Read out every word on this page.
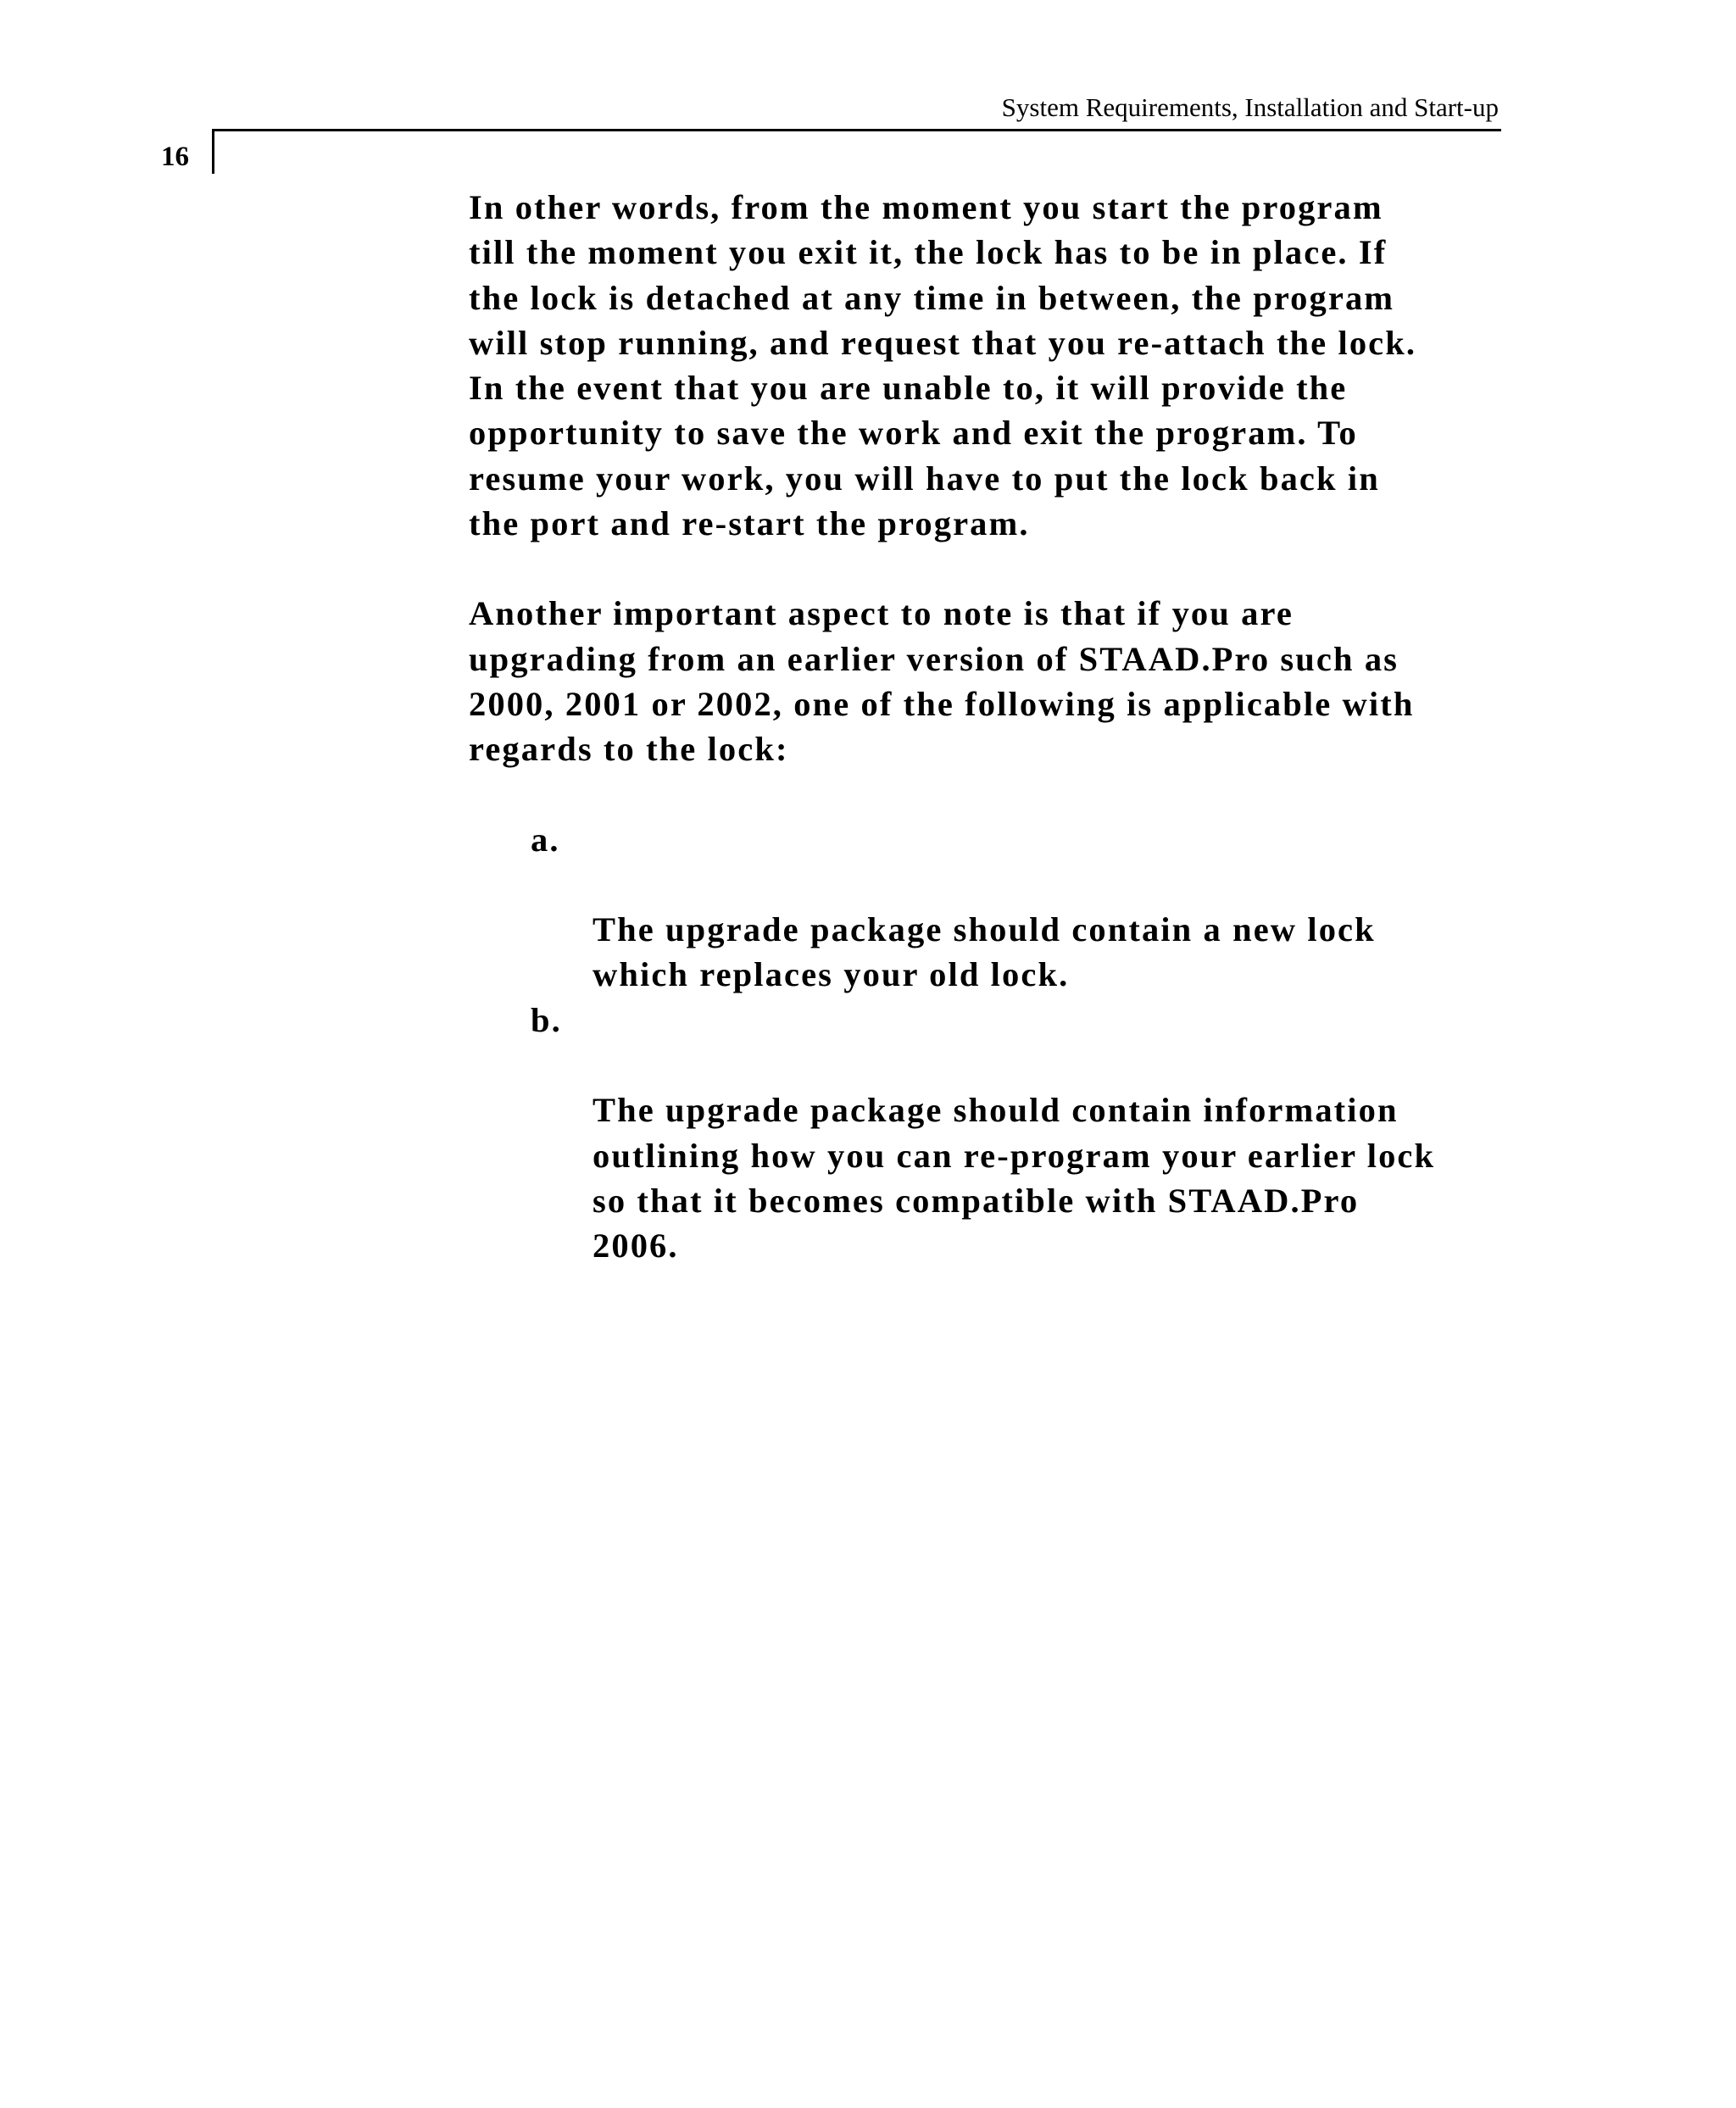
System Requirements, Installation and Start-up
16

In other words, from the moment you start the program
till the moment you exit it, the lock has to be in place. If
the lock is detached at any time in between, the program
will stop running, and request that you re-attach the lock.
In the event that you are unable to, it will provide the
opportunity to save the work and exit the program. To
resume your work, you will have to put the lock back in
the port and re-start the program.

Another important aspect to note is that if you are
upgrading from an earlier version of STAAD.Pro such as
2000, 2001 or 2002, one of the following is applicable with
regards to the lock:

a.

The upgrade package should contain a new lock
which replaces your old lock.

b.

The upgrade package should contain information
outlining how you can re-program your earlier lock
so that it becomes compatible with STAAD.Pro
2006.
